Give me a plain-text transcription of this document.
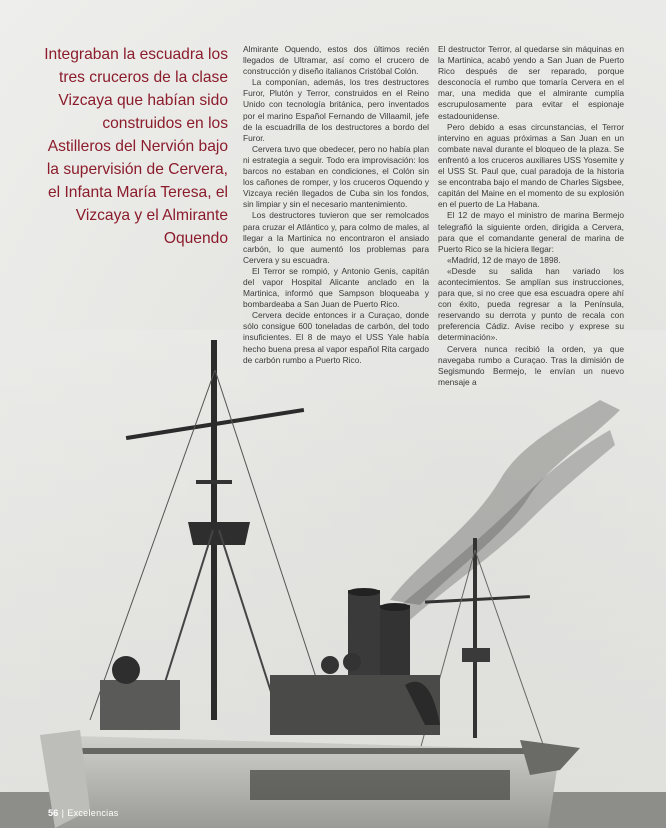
Integraban la escuadra los tres cruceros de la clase Vizcaya que habían sido construidos en los Astilleros del Nervión bajo la supervisión de Cervera, el Infanta María Teresa, el Vizcaya y el Almirante Oquendo

Almirante Oquendo, estos dos últimos recién llegados de Ultramar, así como el crucero de construcción y diseño italianos Cristóbal Colón.

La componían, además, los tres destructores Furor, Plutón y Terror, construidos en el Reino Unido con tecnología británica, pero inventados por el marino Español Fernando de Villaamil, jefe de la escuadrilla de los destructores a bordo del Furor.

Cervera tuvo que obedecer, pero no había plan ni estrategia a seguir. Todo era improvisación: los barcos no estaban en condiciones, el Colón sin los cañones de romper, y los cruceros Oquendo y Vizcaya recién llegados de Cuba sin los fondos, sin limpiar y sin el necesario mantenimiento.

Los destructores tuvieron que ser remolcados para cruzar el Atlántico y, para colmo de males, al llegar a la Martinica no encontraron el ansiado carbón, lo que aumentó los problemas para Cervera y su escuadra.

El Terror se rompió, y Antonio Genis, capitán del vapor Hospital Alicante anclado en la Martinica, informó que Sampson bloqueaba y bombardeaba a San Juan de Puerto Rico.

Cervera decide entonces ir a Curaçao, donde sólo consigue 600 toneladas de carbón, del todo insuficientes. El 8 de mayo el USS Yale había hecho buena presa al vapor español Rita cargado de carbón rumbo a Puerto Rico.

El destructor Terror, al quedarse sin máquinas en la Martinica, acabó yendo a San Juan de Puerto Rico después de ser reparado, porque desconocía el rumbo que tomaría Cervera en el mar, una medida que el almirante cumplía escrupulosamente para evitar el espionaje estadounidense.

Pero debido a esas circunstancias, el Terror intervino en aguas próximas a San Juan en un combate naval durante el bloqueo de la plaza. Se enfrentó a los cruceros auxiliares USS Yosemite y el USS St. Paul que, cual paradoja de la historia se encontraba bajo el mando de Charles Sigsbee, capitán del Maine en el momento de su explosión en el puerto de La Habana.

El 12 de mayo el ministro de marina Bermejo telegrafió la siguiente orden, dirigida a Cervera, para que el comandante general de marina de Puerto Rico se la hiciera llegar:

«Madrid, 12 de mayo de 1898.

«Desde su salida han variado los acontecimientos. Se amplían sus instrucciones, para que, si no cree que esa escuadra opere ahí con éxito, pueda regresar a la Península, reservando su derrota y punto de recala con preferencia Cádiz. Avise recibo y exprese su determinación».

Cervera nunca recibió la orden, ya que navegaba rumbo a Curaçao. Tras la dimisión de Segismundo Bermejo, le envían un nuevo mensaje a

56 | Excelencias
